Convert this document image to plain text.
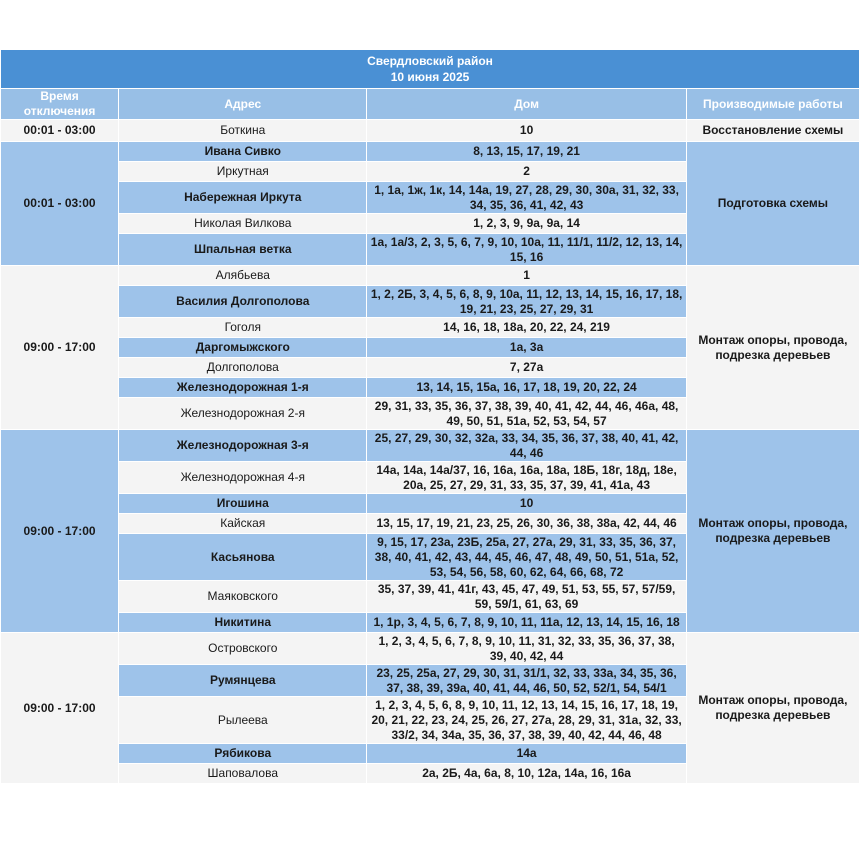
Свердловский район
10 июня 2025			

Время отключения	Адрес	Дом	Производимые работы
00:01 - 03:00	Боткина	10	Восстановление схемы
00:01 - 03:00	Ивана Сивко	8, 13, 15, 17, 19, 21	Подготовка схемы
	Иркутная	2	
	Набережная Иркута	1, 1а, 1ж, 1к, 14, 14а, 19, 27, 28, 29, 30, 30а, 31, 32, 33, 34, 35, 36, 41, 42, 43	
	Николая Вилкова	1, 2, 3, 9, 9а, 9а, 14	
	Шпальная ветка	1а, 1а/3, 2, 3, 5, 6, 7, 9, 10, 10а, 11, 11/1, 11/2, 12, 13, 14, 15, 16	
09:00 - 17:00	Алябьева	1	Монтаж опоры, провода, подрезка деревьев
	Василия Долгополова	1, 2, 2Б, 3, 4, 5, 6, 8, 9, 10а, 11, 12, 13, 14, 15, 16, 17, 18, 19, 21, 23, 25, 27, 29, 31	
	Гоголя	14, 16, 18, 18а, 20, 22, 24, 219	
	Даргомыжского	1а, 3а	
	Долгополова	7, 27а	
	Железнодорожная 1-я	13, 14, 15, 15а, 16, 17, 18, 19, 20, 22, 24	
	Железнодорожная 2-я	29, 31, 33, 35, 36, 37, 38, 39, 40, 41, 42, 44, 46, 46а, 48, 49, 50, 51, 51а, 52, 53, 54, 57	
09:00 - 17:00	Железнодорожная 3-я	25, 27, 29, 30, 32, 32а, 33, 34, 35, 36, 37, 38, 40, 41, 42, 44, 46	Монтаж опоры, провода, подрезка деревьев
	Железнодорожная 4-я	14а, 14а, 14а/37, 16, 16а, 16а, 18а, 18Б, 18г, 18д, 18е, 20а, 25, 27, 29, 31, 33, 35, 37, 39, 41, 41а, 43	
	Игошина	10	
	Кайская	13, 15, 17, 19, 21, 23, 25, 26, 30, 36, 38, 38а, 42, 44, 46	
	Касьянова	9, 15, 17, 23а, 23Б, 25а, 27, 27а, 29, 31, 33, 35, 36, 37, 38, 40, 41, 42, 43, 44, 45, 46, 47, 48, 49, 50, 51, 51а, 52, 53, 54, 56, 58, 60, 62, 64, 66, 68, 72	
	Маяковского	35, 37, 39, 41, 41г, 43, 45, 47, 49, 51, 53, 55, 57, 57/59, 59, 59/1, 61, 63, 69	
	Никитина	1, 1р, 3, 4, 5, 6, 7, 8, 9, 10, 11, 11а, 12, 13, 14, 15, 16, 18	
09:00 - 17:00	Островского	1, 2, 3, 4, 5, 6, 7, 8, 9, 10, 11, 31, 32, 33, 35, 36, 37, 38, 39, 40, 42, 44	Монтаж опоры, провода, подрезка деревьев
	Румянцева	23, 25, 25а, 27, 29, 30, 31, 31/1, 32, 33, 33а, 34, 35, 36, 37, 38, 39, 39а, 40, 41, 44, 46, 50, 52, 52/1, 54, 54/1	
	Рылеева	1, 2, 3, 4, 5, 6, 8, 9, 10, 11, 12, 13, 14, 15, 16, 17, 18, 19, 20, 21, 22, 23, 24, 25, 26, 27, 27а, 28, 29, 31, 31а, 32, 33, 33/2, 34, 34а, 35, 36, 37, 38, 39, 40, 42, 44, 46, 48	
	Рябикова	14а	
	Шаповалова	2а, 2Б, 4а, 6а, 8, 10, 12а, 14а, 16, 16а	
